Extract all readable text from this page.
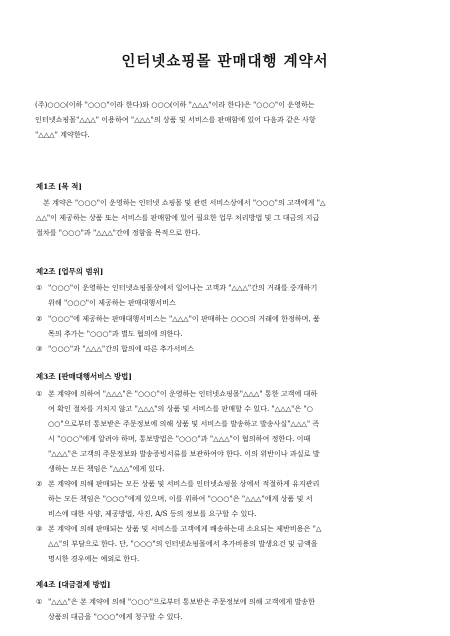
인터넷쇼핑몰 판매대행 계약서
(주)○○○(이하 "○○○"이라 한다)와 ○○○(이하 "△△△"이라 한다)은 "○○○"이 운영하는
인터넷쇼핑몰"△△△" 이용하여 "△△△"의 상품 및 서비스를 판매함에 있어 다음과 같은 사항
"△△△" 계약한다.
제1조 [목 적]
본 계약은 "○○○"이 운영하는 인터넷 쇼핑몰 및 관련 서비스상에서 "○○○"의 고객에게 "△
△△"이 제공하는 상품 또는 서비스를 판매함에 있어 필요한 업무 처리방법 및 그 대금의 지급
절차를 "○○○"과 "△△△"간에 정함을 목적으로 한다.
제2조 [업무의 범위]
① "○○○"이 운영하는 인터넷쇼핑몰상에서 일어나는 고객과 "△△△"간의 거래를 중개하기
위해 "○○○"이 제공하는 판매대행서비스
② "○○○"에 제공하는 판매대행서비스는 "△△△"이 판매하는 ○○○의 거래에 한정하며, 품
목의 추가는 "○○○"과 별도 협의에 의한다.
③ "○○○"과 "△△△"간의 합의에 따른 추가서비스
제3조 [판매대행서비스 방법]
① 본 계약에 의하여 "△△△"은 "○○○"이 운영하는 인터넷쇼핑몰"△△△" 통한 고객에 대하
여 확인 절차를 거치지 않고 "△△△"의 상품 및 서비스를 판매할 수 있다. "△△△"은 "○
○○"으로부터 통보받은 주문정보에 의해 상품 및 서비스를 발송하고 발송사실"△△△" 즉
시 "○○○"에게 알려야 하며, 통보방법은 "○○○"과 "△△△"이 협의하여 정한다. 이때
"△△△"은 고객의 주문정보와 발송증빙서류를 보관하여야 한다. 이의 위반이나 과실로 발
생하는 모든 책임은 "△△△"에게 있다.
② 본 계약에 의해 판매되는 모든 상품 및 서비스를 인터넷쇼핑몰 상에서 적절하게 유지관리
하는 모든 책임은 "○○○"에게 있으며, 이를 위하여 "○○○"은 "△△△"에게 상품 및 서
비스에 대한 사양, 제공방법, 사진, A/S 등의 정보를 요구할 수 있다.
③ 본 계약에 의해 판매되는 상품 및 서비스를 고객에게 배송하는데 소요되는 제반비용은 "△
△△"의 부담으로 한다. 단, "○○○"의 인터넷쇼핑몰에서 추가비용의 발생요건 및 금액을
명시한 경우에는 예외로 한다.
제4조 [대금결제 방법]
① "△△△"은 본 계약에 의해 "○○○"으로부터 통보받은 주문정보에 의해 고객에게 발송한
상품의 대금을 "○○○"에게 청구할 수 있다.
